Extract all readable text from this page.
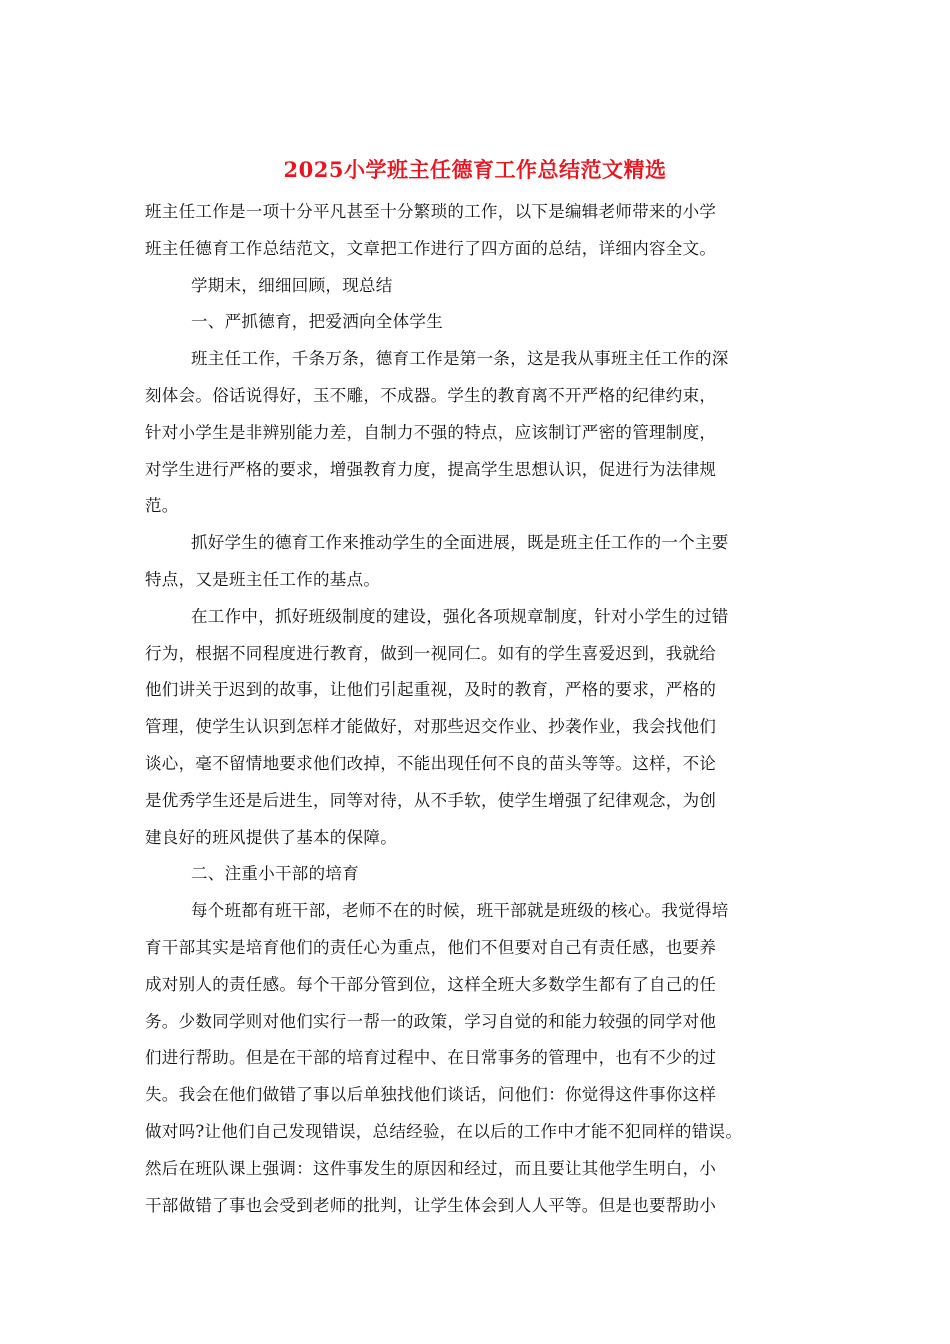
2025小学班主任德育工作总结范文精选
班主任工作是一项十分平凡甚至十分繁琐的工作，以下是编辑老师带来的小学
班主任德育工作总结范文，文章把工作进行了四方面的总结，详细内容全文。
学期末，细细回顾，现总结
一、严抓德育，把爱洒向全体学生
班主任工作，千条万条，德育工作是第一条，这是我从事班主任工作的深
刻体会。俗话说得好，玉不雕，不成器。学生的教育离不开严格的纪律约束，
针对小学生是非辨别能力差，自制力不强的特点，应该制订严密的管理制度，
对学生进行严格的要求，增强教育力度，提高学生思想认识，促进行为法律规
范。
抓好学生的德育工作来推动学生的全面进展，既是班主任工作的一个主要
特点，又是班主任工作的基点。
在工作中，抓好班级制度的建设，强化各项规章制度，针对小学生的过错
行为，根据不同程度进行教育，做到一视同仁。如有的学生喜爱迟到，我就给
他们讲关于迟到的故事，让他们引起重视，及时的教育，严格的要求，严格的
管理，使学生认识到怎样才能做好，对那些迟交作业、抄袭作业，我会找他们
谈心，毫不留情地要求他们改掉，不能出现任何不良的苗头等等。这样，不论
是优秀学生还是后进生，同等对待，从不手软，使学生增强了纪律观念，为创
建良好的班风提供了基本的保障。
二、注重小干部的培育
每个班都有班干部，老师不在的时候，班干部就是班级的核心。我觉得培
育干部其实是培育他们的责任心为重点，他们不但要对自己有责任感，也要养
成对别人的责任感。每个干部分管到位，这样全班大多数学生都有了自己的任
务。少数同学则对他们实行一帮一的政策，学习自觉的和能力较强的同学对他
们进行帮助。但是在干部的培育过程中、在日常事务的管理中，也有不少的过
失。我会在他们做错了事以后单独找他们谈话，问他们：你觉得这件事你这样
做对吗?让他们自己发现错误，总结经验，在以后的工作中才能不犯同样的错误。
然后在班队课上强调：这件事发生的原因和经过，而且要让其他学生明白，小
干部做错了事也会受到老师的批判，让学生体会到人人平等。但是也要帮助小
